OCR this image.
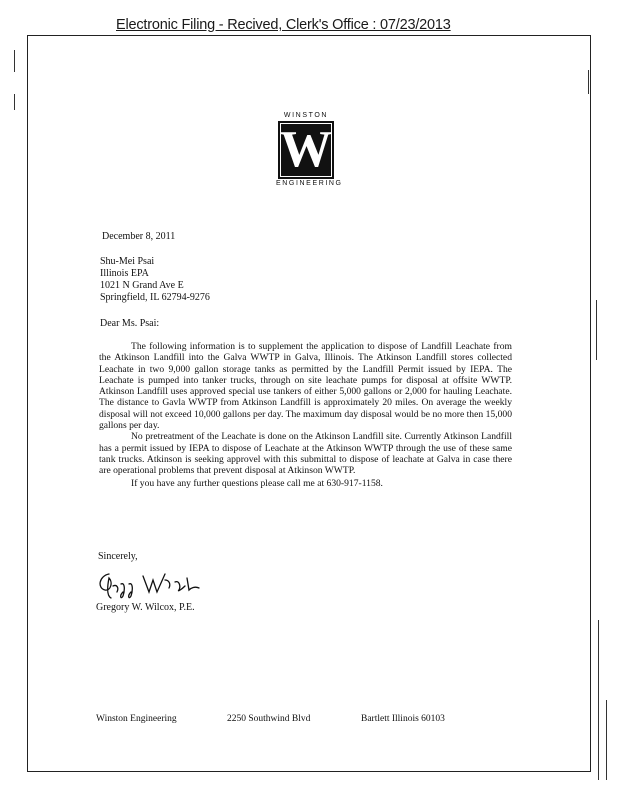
Electronic Filing - Recived, Clerk's Office : 07/23/2013
WINSTON
W
ENGINEERING
December 8, 2011
Shu-Mei Psai
Illinois EPA
1021 N Grand Ave E
Springfield, IL 62794-9276
Dear Ms. Psai:

The following information is to supplement the application to dispose of Landfill Leachate from the Atkinson Landfill into the Galva WWTP in Galva, Illinois. The Atkinson Landfill stores collected Leachate in two 9,000 gallon storage tanks as permitted by the Landfill Permit issued by IEPA. The Leachate is pumped into tanker trucks, through on site leachate pumps for disposal at offsite WWTP. Atkinson Landfill uses approved special use tankers of either 5,000 gallons or 2,000 for hauling Leachate. The distance to Gavla WWTP from Atkinson Landfill is approximately 20 miles. On average the weekly disposal will not exceed 10,000 gallons per day. The maximum day disposal would be no more then 15,000 gallons per day.

No pretreatment of the Leachate is done on the Atkinson Landfill site. Currently Atkinson Landfill has a permit issued by IEPA to dispose of Leachate at the Atkinson WWTP through the use of these same tank trucks. Atkinson is seeking approvel with this submittal to dispose of leachate at Galva in case there are operational problems that prevent disposal at Atkinson WWTP.

If you have any further questions please call me at 630-917-1158.

Sincerely,
Gregory W. Wilcox, P.E.
Winston Engineering	2250 Southwind Blvd	Bartlett Illinois 60103
